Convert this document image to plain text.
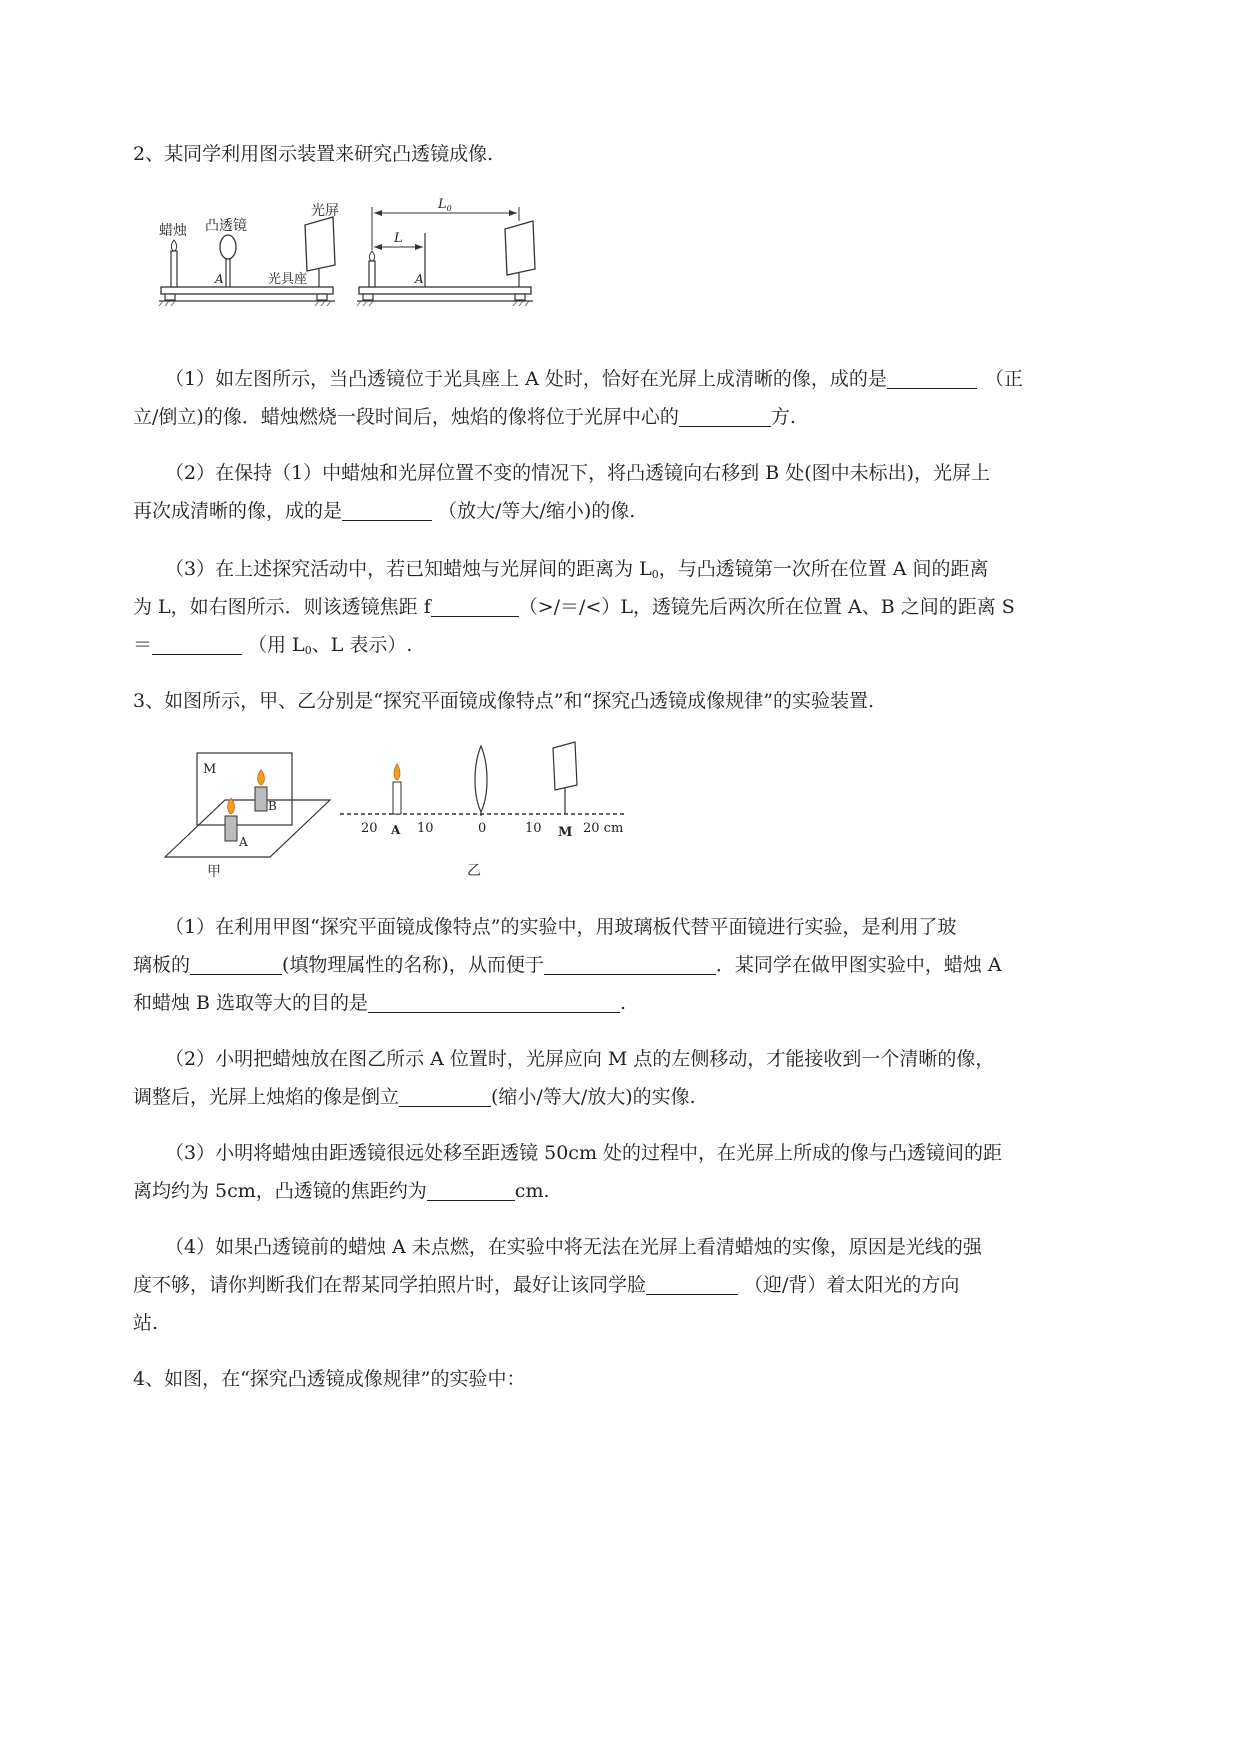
2、某同学利用图示装置来研究凸透镜成像.
蜡烛 凸透镜
A	光具座
光屏
A
$L_0$
L
（1）如左图所示，当凸透镜位于光具座上 A 处时，恰好在光屏上成清晰的像，成的是	（正
立/倒立)的像．蜡烛燃烧一段时间后，烛焰的像将位于光屏中心的	方.
（2）在保持（1）中蜡烛和光屏位置不变的情况下，将凸透镜向右移到 B 处(图中未标出)，光屏上
再次成清晰的像，成的是	（放大/等大/缩小)的像.
（3）在上述探究活动中，若已知蜡烛与光屏间的距离为 $L_0$，与凸透镜第一次所在位置 A 间的距离
为 L，如右图所示．则该透镜焦距 f	（>/＝/<）L，透镜先后两次所在位置 A、B 之间的距离 S
＝	（用 $L_0$、L 表示）.
3、如图所示，甲、乙分别是“探究平面镜成像特点”和“探究凸透镜成像规律”的实验装置.
M
A
B
甲
20 A 10	0	10 M 20 cm
乙
（1）在利用甲图“探究平面镜成像特点”的实验中，用玻璃板代替平面镜进行实验，是利用了玻
璃板的	(填物理属性的名称)，从而便于	．某同学在做甲图实验中，蜡烛 A
和蜡烛 B 选取等大的目的是	.
（2）小明把蜡烛放在图乙所示 A 位置时，光屏应向 M 点的左侧移动，才能接收到一个清晰的像，
调整后，光屏上烛焰的像是倒立	(缩小/等大/放大)的实像.
（3）小明将蜡烛由距透镜很远处移至距透镜 50cm 处的过程中，在光屏上所成的像与凸透镜间的距
离均约为 5cm，凸透镜的焦距约为	cm.
（4）如果凸透镜前的蜡烛 A 未点燃，在实验中将无法在光屏上看清蜡烛的实像，原因是光线的强
度不够，请你判断我们在帮某同学拍照片时，最好让该同学脸	（迎/背）着太阳光的方向
站.
4、如图，在“探究凸透镜成像规律”的实验中：
